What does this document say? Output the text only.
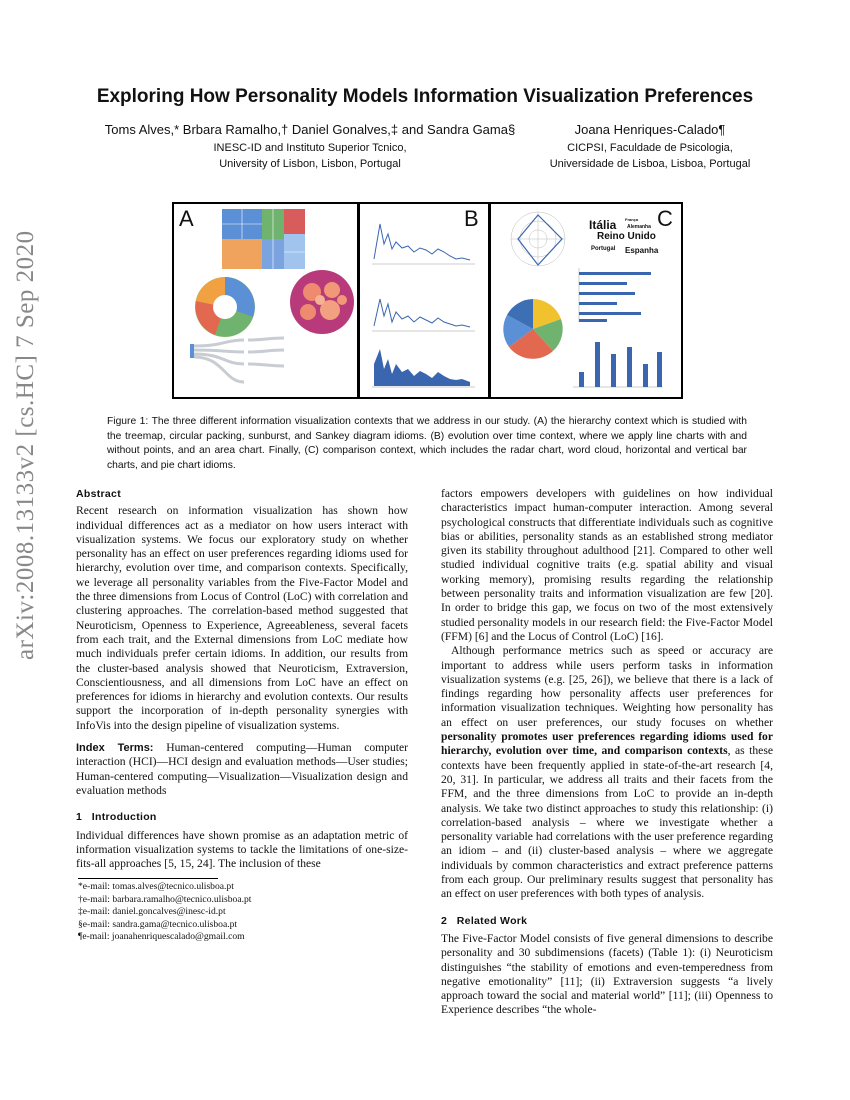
arXiv:2008.13133v2 [cs.HC] 7 Sep 2020
Exploring How Personality Models Information Visualization Preferences
Toms Alves,* Brbara Ramalho,† Daniel Gonalves,‡ and Sandra Gama§	Joana Henriques-Calado¶
INESC-ID and Instituto Superior Tcnico,
University of Lisbon, Lisbon, Portugal
CICPSI, Faculdade de Psicologia,
Universidade de Lisboa, Lisboa, Portugal
A	B	C
Itália
Reino Unido
Portugal Espanha
Alemanha
França
Figure 1: The three different information visualization contexts that we address in our study. (A) the hierarchy context which is studied with the treemap, circular packing, sunburst, and Sankey diagram idioms. (B) evolution over time context, where we apply line charts with and without points, and an area chart. Finally, (C) comparison context, which includes the radar chart, word cloud, horizontal and vertical bar charts, and pie chart idioms.

Abstract

Recent research on information visualization has shown how individual differences act as a mediator on how users interact with visualization systems. We focus our exploratory study on whether personality has an effect on user preferences regarding idioms used for hierarchy, evolution over time, and comparison contexts. Specifically, we leverage all personality variables from the Five-Factor Model and the three dimensions from Locus of Control (LoC) with correlation and clustering approaches. The correlation-based method suggested that Neuroticism, Openness to Experience, Agreeableness, several facets from each trait, and the External dimensions from LoC mediate how much individuals prefer certain idioms. In addition, our results from the cluster-based analysis showed that Neuroticism, Extraversion, Conscientiousness, and all dimensions from LoC have an effect on preferences for idioms in hierarchy and evolution contexts. Our results support the incorporation of in-depth personality synergies with InfoVis into the design pipeline of visualization systems.

Index Terms: Human-centered computing—Human computer interaction (HCI)—HCI design and evaluation methods—User studies; Human-centered computing—Visualization—Visualization design and evaluation methods

1 Introduction

Individual differences have shown promise as an adaptation metric of information visualization systems to tackle the limitations of one-size-fits-all approaches [5, 15, 24]. The inclusion of these

*e-mail: tomas.alves@tecnico.ulisboa.pt
†e-mail: barbara.ramalho@tecnico.ulisboa.pt
‡e-mail: daniel.goncalves@inesc-id.pt
§e-mail: sandra.gama@tecnico.ulisboa.pt
¶e-mail: joanahenriquescalado@gmail.com

factors empowers developers with guidelines on how individual characteristics impact human-computer interaction. Among several psychological constructs that differentiate individuals such as cognitive bias or abilities, personality stands as an established strong mediator given its stability throughout adulthood [21]. Compared to other well studied individual cognitive traits (e.g. spatial ability and visual working memory), promising results regarding the relationship between personality traits and information visualization are few [20]. In order to bridge this gap, we focus on two of the most extensively studied personality models in our research field: the Five-Factor Model (FFM) [6] and the Locus of Control (LoC) [16].

Although performance metrics such as speed or accuracy are important to address while users perform tasks in information visualization systems (e.g. [25, 26]), we believe that there is a lack of findings regarding how personality affects user preferences for information visualization techniques. Weighting how personality has an effect on user preferences, our study focuses on whether personality promotes user preferences regarding idioms used for hierarchy, evolution over time, and comparison contexts, as these contexts have been frequently applied in state-of-the-art research [4, 20, 31]. In particular, we address all traits and their facets from the FFM, and the three dimensions from LoC to provide an in-depth analysis. We take two distinct approaches to study this relationship: (i) correlation-based analysis – where we investigate whether a personality variable had correlations with the user preference regarding an idiom – and (ii) cluster-based analysis – where we aggregate individuals by common characteristics and extract preference patterns from each group. Our preliminary results suggest that personality has an effect on user preferences with both types of analysis.

2 Related Work

The Five-Factor Model consists of five general dimensions to describe personality and 30 subdimensions (facets) (Table 1): (i) Neuroticism distinguishes “the stability of emotions and even-temperedness from negative emotionality” [11]; (ii) Extraversion suggests “a lively approach toward the social and material world” [11]; (iii) Openness to Experience describes “the whole-
